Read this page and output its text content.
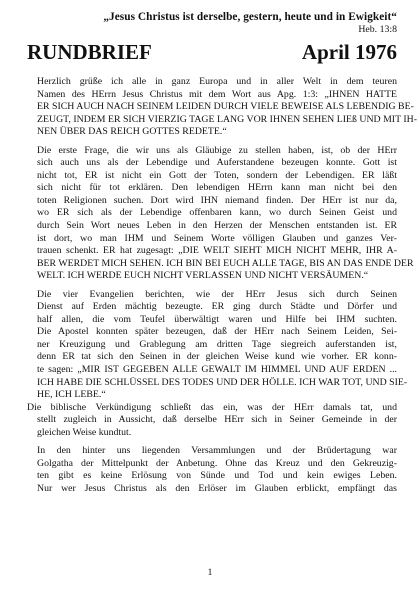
„Jesus Christus ist derselbe, gestern, heute und in Ewigkeit“
Heb. 13:8
RUNDBRIEF	April 1976

Herzlich grüße ich alle in ganz Europa und in aller Welt in dem teuren
Namen des HErrn Jesus Christus mit dem Wort aus Apg. 1:3: „IHNEN HATTE
ER SICH AUCH NACH SEINEM LEIDEN DURCH VIELE BEWEISE ALS LEBENDIG BE-
ZEUGT, INDEM ER SICH VIERZIG TAGE LANG VOR IHNEN SEHEN LIEß UND MIT IH-
NEN ÜBER DAS REICH GOTTES REDETE.“

Die erste Frage, die wir uns als Gläubige zu stellen haben, ist, ob der HErr
sich auch uns als der Lebendige und Auferstandene bezeugen konnte. Gott ist
nicht tot, ER ist nicht ein Gott der Toten, sondern der Lebendigen. ER läßt
sich nicht für tot erklären. Den lebendigen HErrn kann man nicht bei den
toten Religionen suchen. Dort wird IHN niemand finden. Der HErr ist nur da,
wo ER sich als der Lebendige offenbaren kann, wo durch Seinen Geist und
durch Sein Wort neues Leben in den Herzen der Menschen entstanden ist. ER
ist dort, wo man IHM und Seinem Worte völligen Glauben und ganzes Ver-
trauen schenkt. ER hat zugesagt: „DIE WELT SIEHT MICH NICHT MEHR, IHR A-
BER WERDET MICH SEHEN. ICH BIN BEI EUCH ALLE TAGE, BIS AN DAS ENDE DER
WELT. ICH WERDE EUCH NICHT VERLASSEN UND NICHT VERSÄUMEN.“

Die vier Evangelien berichten, wie der HErr Jesus sich durch Seinen
Dienst auf Erden mächtig bezeugte. ER ging durch Städte und Dörfer und
half allen, die vom Teufel überwältigt waren und Hilfe bei IHM suchten.
Die Apostel konnten später bezeugen, daß der HErr nach Seinem Leiden, Sei-
ner Kreuzigung und Grablegung am dritten Tage siegreich auferstanden ist,
denn ER tat sich den Seinen in der gleichen Weise kund wie vorher. ER konn-
te sagen: „MIR IST GEGEBEN ALLE GEWALT IM HIMMEL UND AUF ERDEN ...
ICH HABE DIE SCHLÜSSEL DES TODES UND DER HÖLLE. ICH WAR TOT, UND SIE-
HE, ICH LEBE.“
Die biblische Verkündigung schließt das ein, was der HErr damals tat, und
stellt zugleich in Aussicht, daß derselbe HErr sich in Seiner Gemeinde in der
gleichen Weise kundtut.

In den hinter uns liegenden Versammlungen und der Brüdertagung war
Golgatha der Mittelpunkt der Anbetung. Ohne das Kreuz und den Gekreuzig-
ten gibt es keine Erlösung von Sünde und Tod und kein ewiges Leben.
Nur wer Jesus Christus als den Erlöser im Glauben erblickt, empfängt das

1
